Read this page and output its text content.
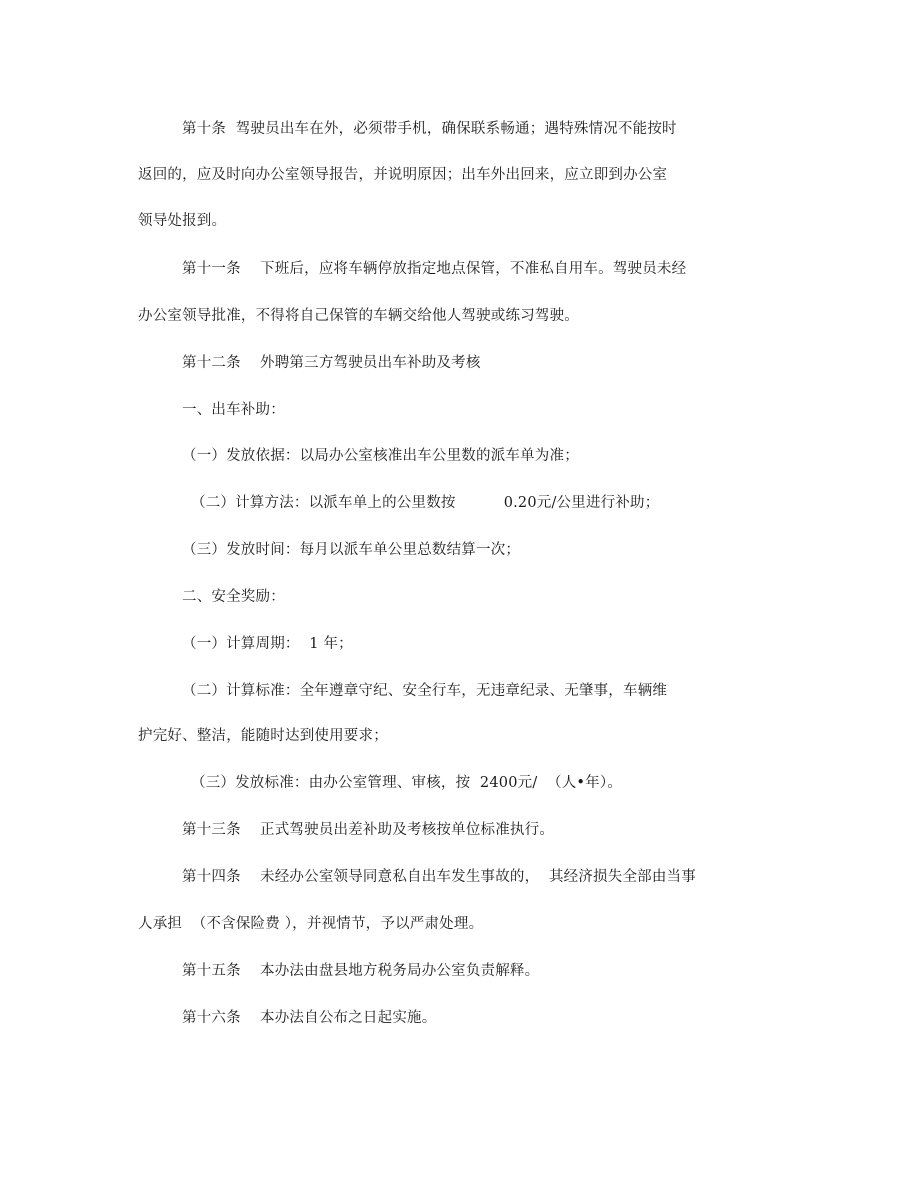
第十条  驾驶员出车在外，必须带手机，确保联系畅通；遇特殊情况不能按时
返回的，应及时向办公室领导报告，并说明原因；出车外出回来，应立即到办公室
领导处报到。
第十一条    下班后，应将车辆停放指定地点保管，不准私自用车。驾驶员未经
办公室领导批准，不得将自己保管的车辆交给他人驾驶或练习驾驶。
第十二条    外聘第三方驾驶员出车补助及考核
一、出车补助：
（一）发放依据：以局办公室核准出车公里数的派车单为准；
（二）计算方法：以派车单上的公里数按          0.20元/公里进行补助；
（三）发放时间：每月以派车单公里总数结算一次；
二、安全奖励：
（一）计算周期：  1 年；
（二）计算标准：全年遵章守纪、安全行车，无违章纪录、无肇事，车辆维
护完好、整洁，能随时达到使用要求；
（三）发放标准：由办公室管理、审核，按  2400元/  （人•年）。
第十三条    正式驾驶员出差补助及考核按单位标准执行。
第十四条    未经办公室领导同意私自出车发生事故的，  其经济损失全部由当事
人承担  （不含保险费 ），并视情节，予以严肃处理。
第十五条    本办法由盘县地方税务局办公室负责解释。
第十六条    本办法自公布之日起实施。
